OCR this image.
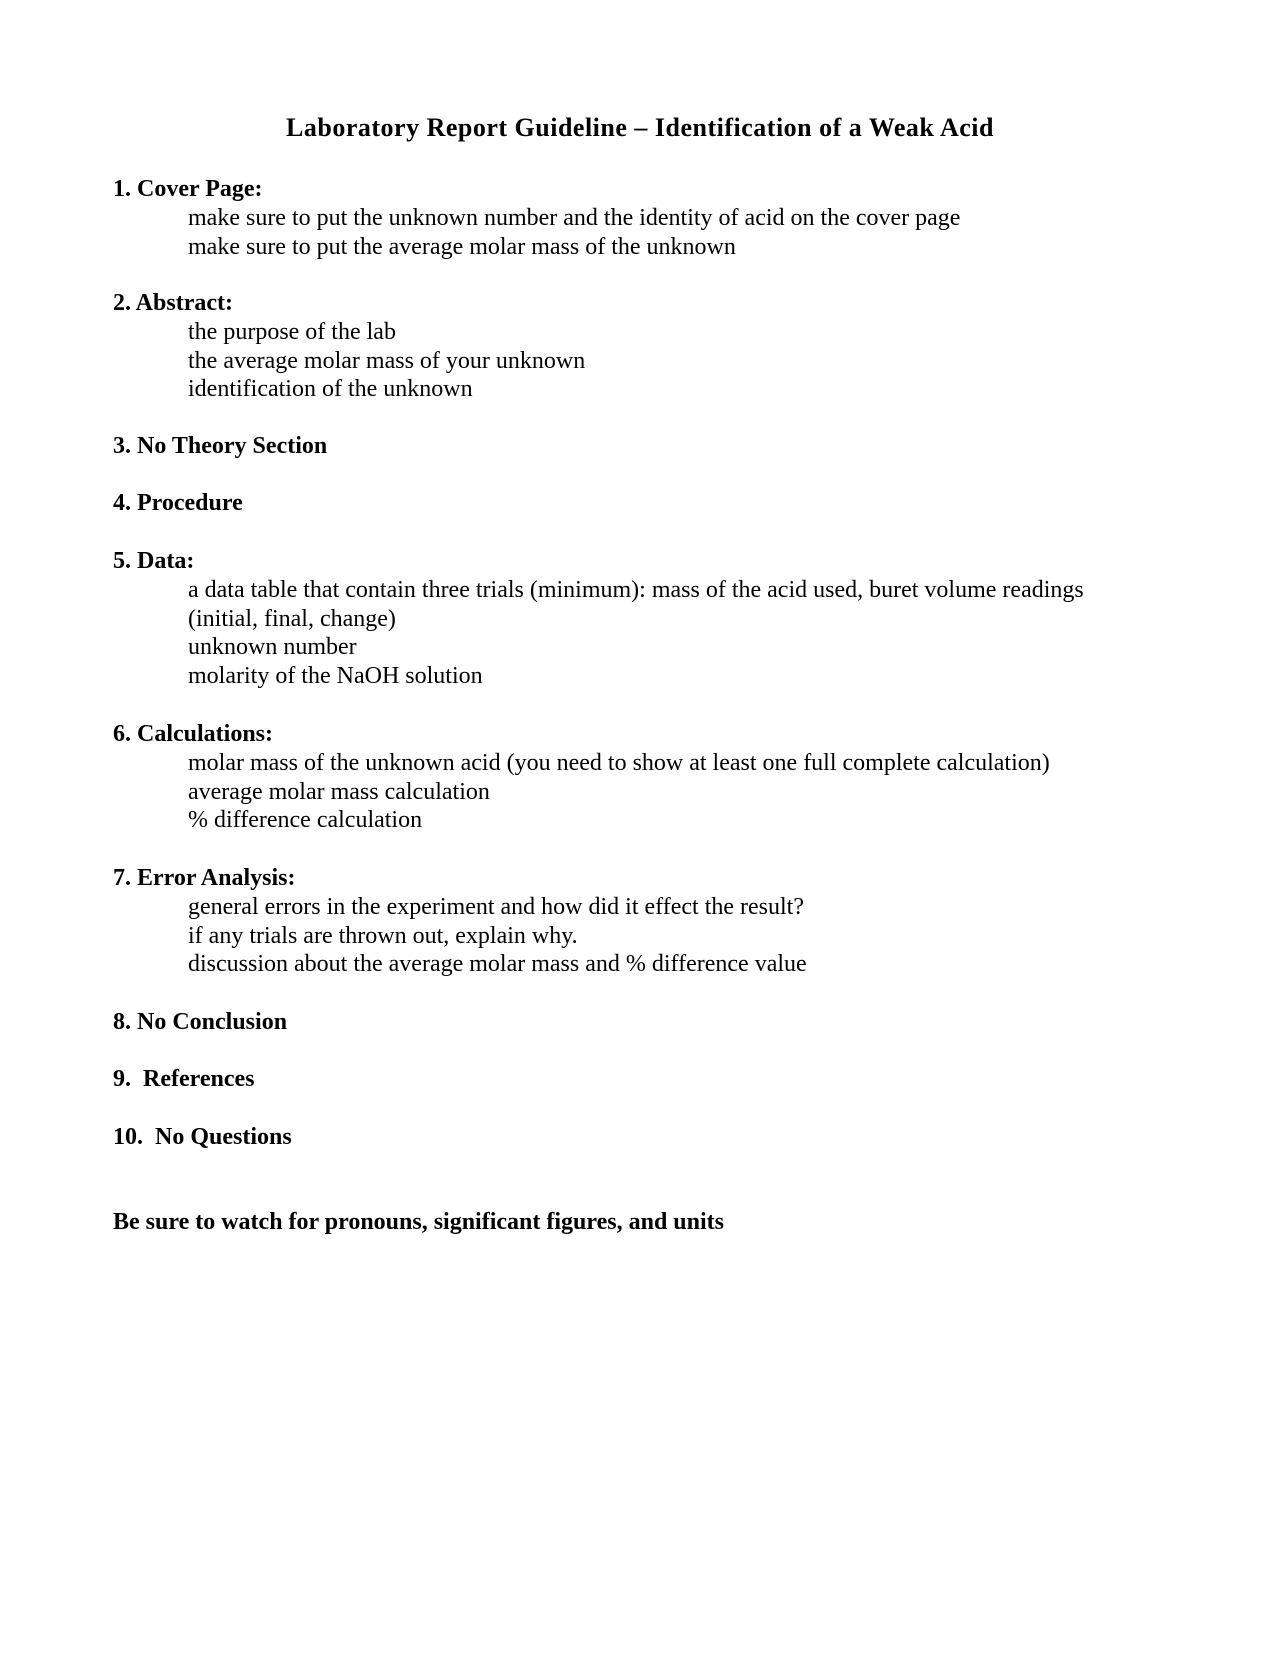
Laboratory Report Guideline – Identification of a Weak Acid
1. Cover Page:
make sure to put the unknown number and the identity of acid on the cover page
make sure to put the average molar mass of the unknown
2. Abstract:
the purpose of the lab
the average molar mass of your unknown
identification of the unknown
3. No Theory Section
4. Procedure
5. Data:
a data table that contain three trials (minimum): mass of the acid used, buret volume readings
(initial, final, change)
unknown number
molarity of the NaOH solution
6. Calculations:
molar mass of the unknown acid (you need to show at least one full complete calculation)
average molar mass calculation
% difference calculation
7. Error Analysis:
general errors in the experiment and how did it effect the result?
if any trials are thrown out, explain why.
discussion about the average molar mass and % difference value
8. No Conclusion
9.  References
10.  No Questions
Be sure to watch for pronouns, significant figures, and units
